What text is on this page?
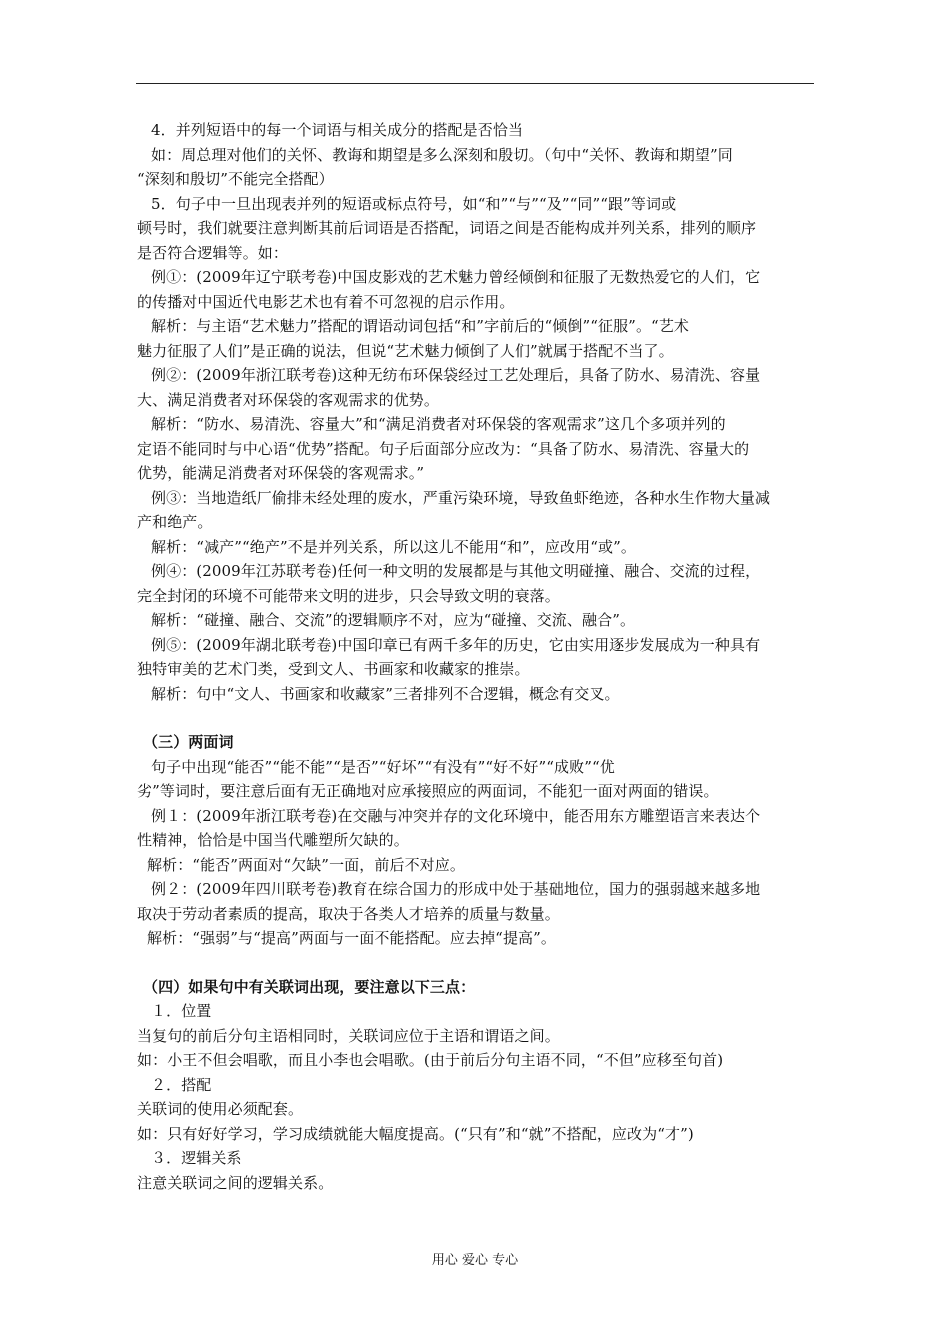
4．并列短语中的每一个词语与相关成分的搭配是否恰当
如：周总理对他们的关怀、教诲和期望是多么深刻和殷切。（句中“关怀、教诲和期望”同
“深刻和殷切”不能完全搭配）
5．句子中一旦出现表并列的短语或标点符号，如“和”“与”“及”“同”“跟”等词或
顿号时，我们就要注意判断其前后词语是否搭配，词语之间是否能构成并列关系，排列的顺序
是否符合逻辑等。如：
例①：(2009年辽宁联考卷)中国皮影戏的艺术魅力曾经倾倒和征服了无数热爱它的人们，它
的传播对中国近代电影艺术也有着不可忽视的启示作用。
解析：与主语“艺术魅力”搭配的谓语动词包括“和”字前后的“倾倒”“征服”。“艺术
魅力征服了人们”是正确的说法，但说“艺术魅力倾倒了人们”就属于搭配不当了。
例②：(2009年浙江联考卷)这种无纺布环保袋经过工艺处理后，具备了防水、易清洗、容量
大、满足消费者对环保袋的客观需求的优势。
解析：“防水、易清洗、容量大”和“满足消费者对环保袋的客观需求”这几个多项并列的
定语不能同时与中心语“优势”搭配。句子后面部分应改为：“具备了防水、易清洗、容量大的
优势，能满足消费者对环保袋的客观需求。”
例③：当地造纸厂偷排未经处理的废水，严重污染环境，导致鱼虾绝迹，各种水生作物大量减
产和绝产。
解析：“减产”“绝产”不是并列关系，所以这儿不能用“和”，应改用“或”。
例④：(2009年江苏联考卷)任何一种文明的发展都是与其他文明碰撞、融合、交流的过程，
完全封闭的环境不可能带来文明的进步，只会导致文明的衰落。
解析：“碰撞、融合、交流”的逻辑顺序不对，应为“碰撞、交流、融合”。
例⑤：(2009年湖北联考卷)中国印章已有两千多年的历史，它由实用逐步发展成为一种具有
独特审美的艺术门类，受到文人、书画家和收藏家的推崇。
解析：句中“文人、书画家和收藏家”三者排列不合逻辑，概念有交叉。
（三）两面词
句子中出现“能否”“能不能”“是否”“好坏”“有没有”“好不好”“成败”“优
劣”等词时，要注意后面有无正确地对应承接照应的两面词，不能犯一面对两面的错误。
例１：(2009年浙江联考卷)在交融与冲突并存的文化环境中，能否用东方雕塑语言来表达个
性精神，恰恰是中国当代雕塑所欠缺的。
解析：“能否”两面对“欠缺”一面，前后不对应。
例２：(2009年四川联考卷)教育在综合国力的形成中处于基础地位，国力的强弱越来越多地
取决于劳动者素质的提高，取决于各类人才培养的质量与数量。
解析：“强弱”与“提高”两面与一面不能搭配。应去掉“提高”。
（四）如果句中有关联词出现，要注意以下三点：
１．位置
当复句的前后分句主语相同时，关联词应位于主语和谓语之间。
如：小王不但会唱歌，而且小李也会唱歌。(由于前后分句主语不同，“不但”应移至句首)
２．搭配
关联词的使用必须配套。
如：只有好好学习，学习成绩就能大幅度提高。(“只有”和“就”不搭配，应改为“才”)
３．逻辑关系
注意关联词之间的逻辑关系。
用心 爱心 专心
